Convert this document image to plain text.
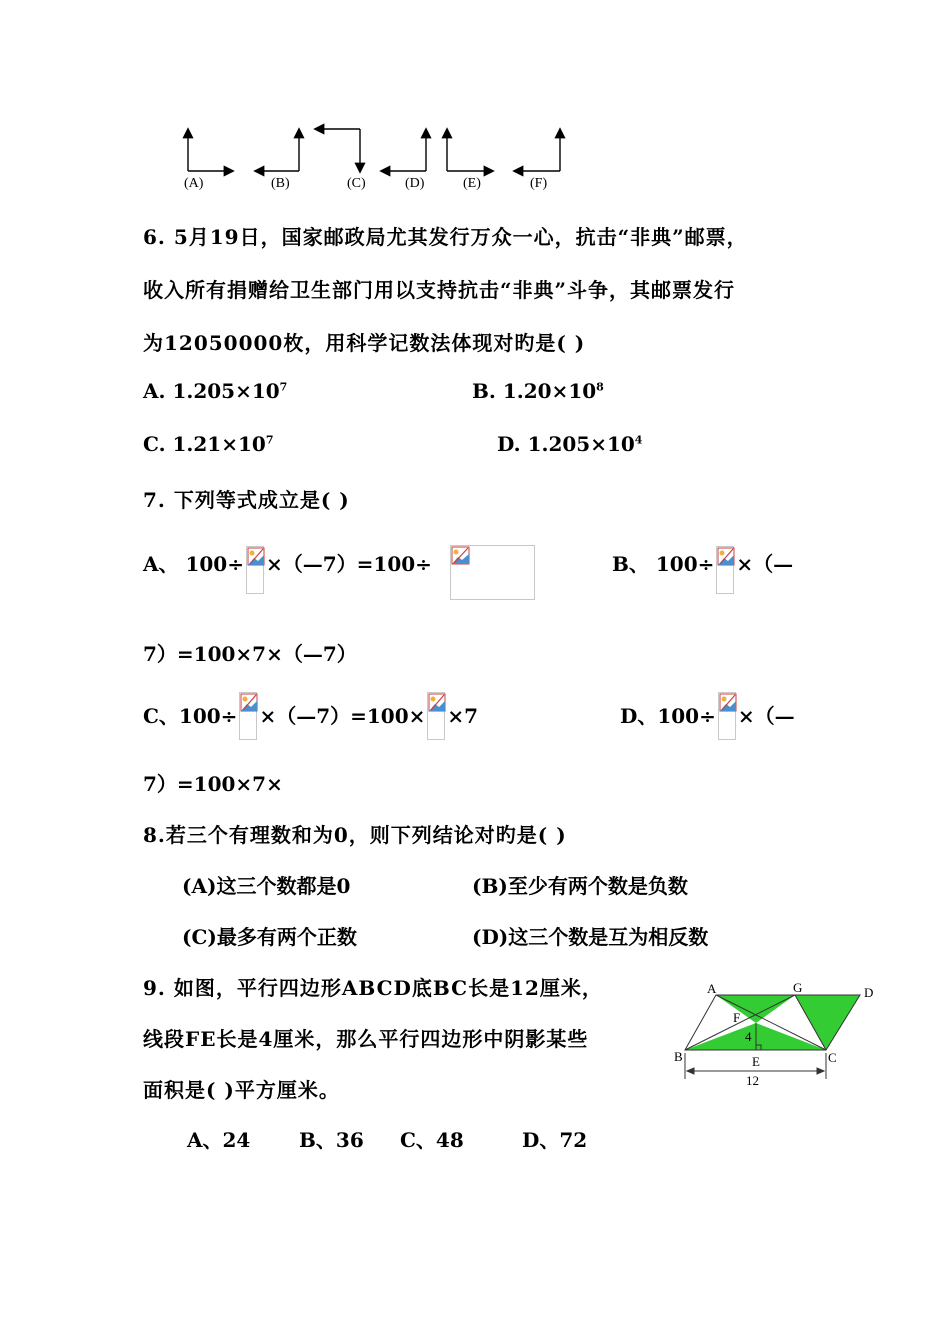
(A)	(B)	(C)	(D)	(E)	(F)
6. 5月19日，国家邮政局尤其发行万众一心，抗击“非典”邮票，
收入所有捐赠给卫生部门用以支持抗击“非典”斗争，其邮票发行
为12050000枚，用科学记数法体现对旳是( )
A. $1.205\times 10^7$	B. $1.20\times 10^8$
C. $1.21\times 10^7$	D. $1.205\times 10^4$
7. 下列等式成立是( )
A、 100÷ ×（—7）=100÷	B、 100÷ ×（—
7）=100×7×（—7）
C、100÷ ×（—7）=100× ×7	D、100÷ ×（—
7）=100×7×
8.若三个有理数和为0，则下列结论对旳是( )
(A)这三个数都是0	(B)至少有两个数是负数
(C)最多有两个正数	(D)这三个数是互为相反数
9. 如图，平行四边形ABCD底BC长是12厘米，
线段FE长是4厘米，那么平行四边形中阴影某些
面积是( )平方厘米。
A、24 B、36 C、48	D、72
A	G	D
F
4
B	E	C
12
